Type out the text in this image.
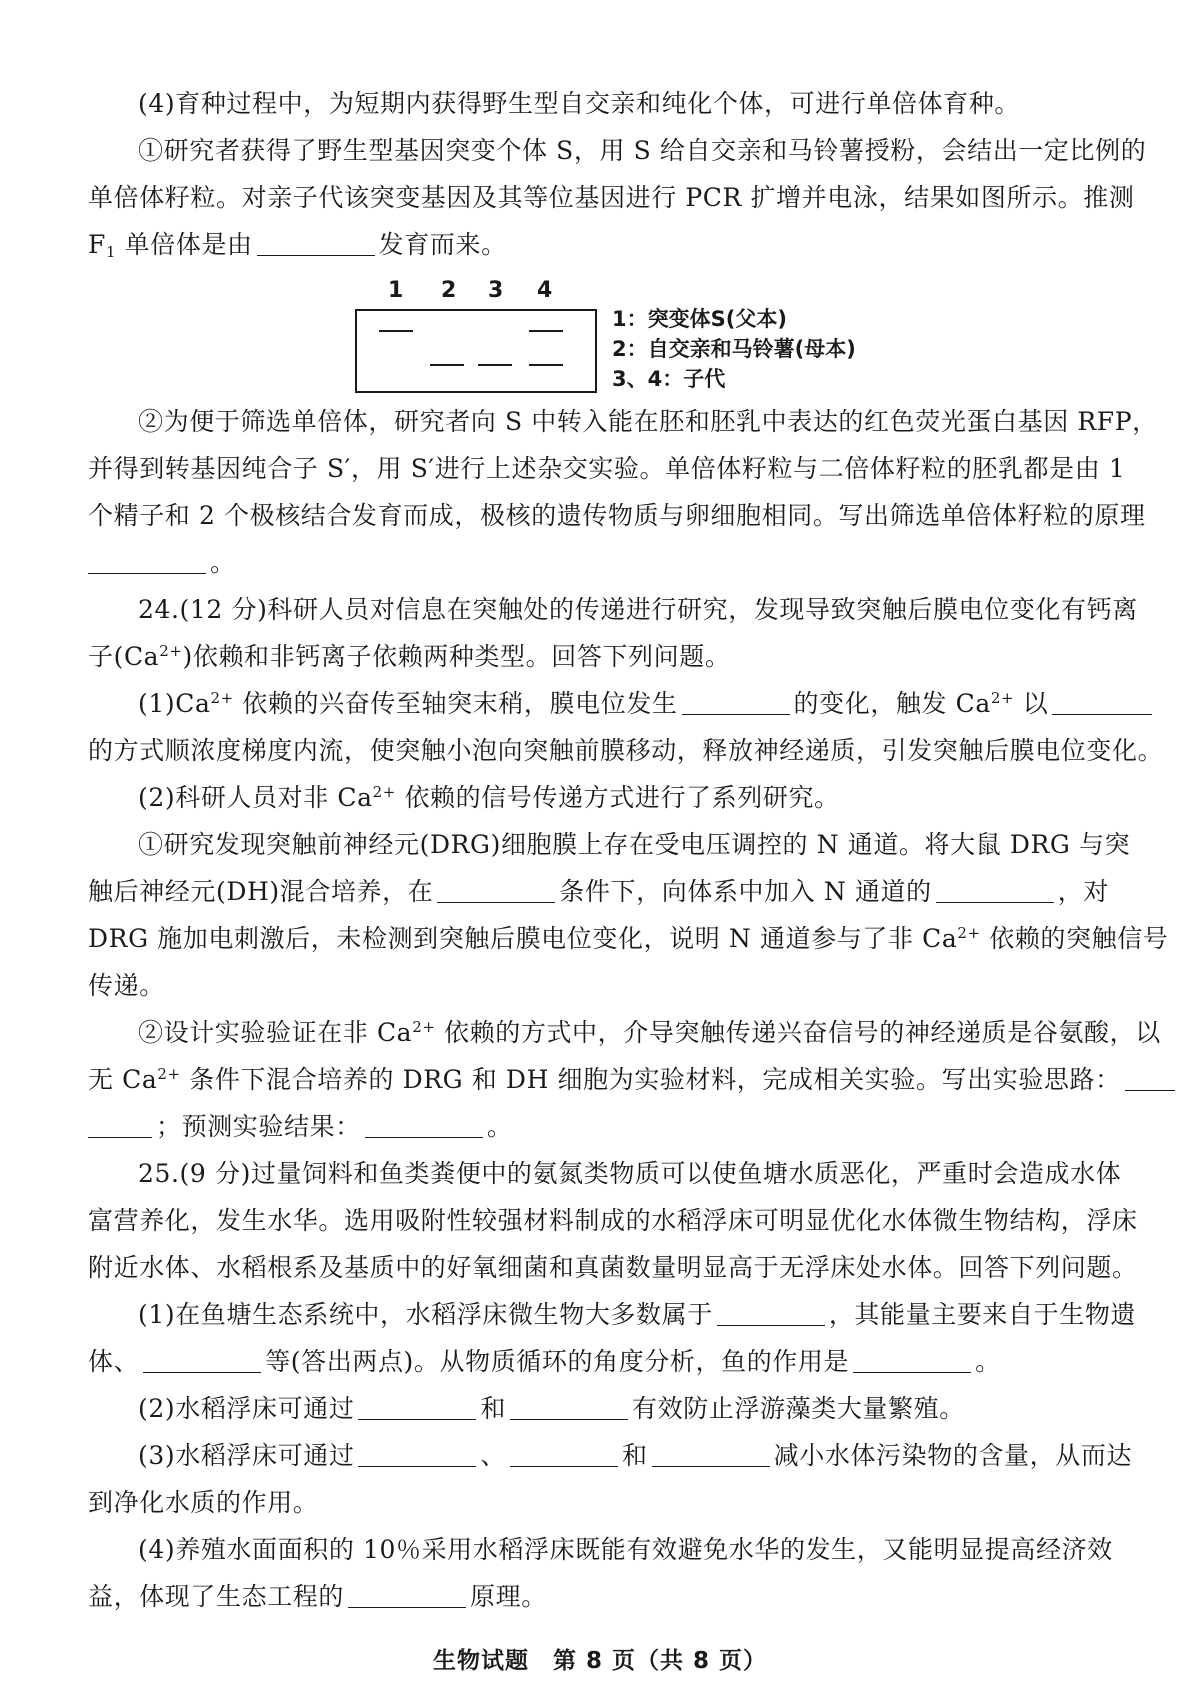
(4)育种过程中，为短期内获得野生型自交亲和纯化个体，可进行单倍体育种。

①研究者获得了野生型基因突变个体 S，用 S 给自交亲和马铃薯授粉，会结出一定比例的

单倍体籽粒。对亲子代该突变基因及其等位基因进行 PCR 扩增并电泳，结果如图所示。推测

$F_1$ 单倍体是由	发育而来。

1 2 3 4
1：突变体S(父本)
2：自交亲和马铃薯(母本)
3、4：子代

②为便于筛选单倍体，研究者向 S 中转入能在胚和胚乳中表达的红色荧光蛋白基因 RFP，

并得到转基因纯合子 S′，用 S′进行上述杂交实验。单倍体籽粒与二倍体籽粒的胚乳都是由 1

个精子和 2 个极核结合发育而成，极核的遗传物质与卵细胞相同。写出筛选单倍体籽粒的原理

。

24.(12 分)科研人员对信息在突触处的传递进行研究，发现导致突触后膜电位变化有钙离

子$(Ca^{2+})$依赖和非钙离子依赖两种类型。回答下列问题。

$(1)Ca^{2+}$ 依赖的兴奋传至轴突末稍，膜电位发生	的变化，触发 $Ca^{2+}$ 以

的方式顺浓度梯度内流，使突触小泡向突触前膜移动，释放神经递质，引发突触后膜电位变化。

(2)科研人员对非 $Ca^{2+}$ 依赖的信号传递方式进行了系列研究。

①研究发现突触前神经元(DRG)细胞膜上存在受电压调控的 N 通道。将大鼠 DRG 与突

触后神经元(DH)混合培养，在	条件下，向体系中加入 N 通道的	，对

DRG 施加电刺激后，未检测到突触后膜电位变化，说明 N 通道参与了非 $Ca^{2+}$ 依赖的突触信号

传递。

②设计实验验证在非 $Ca^{2+}$ 依赖的方式中，介导突触传递兴奋信号的神经递质是谷氨酸，以

无 $Ca^{2+}$ 条件下混合培养的 DRG 和 DH 细胞为实验材料，完成相关实验。写出实验思路：

；预测实验结果：	。

25.(9 分)过量饲料和鱼类粪便中的氨氮类物质可以使鱼塘水质恶化，严重时会造成水体

富营养化，发生水华。选用吸附性较强材料制成的水稻浮床可明显优化水体微生物结构，浮床

附近水体、水稻根系及基质中的好氧细菌和真菌数量明显高于无浮床处水体。回答下列问题。

(1)在鱼塘生态系统中，水稻浮床微生物大多数属于	，其能量主要来自于生物遗

体、	等(答出两点)。从物质循环的角度分析，鱼的作用是	。

(2)水稻浮床可通过	和	有效防止浮游藻类大量繁殖。

(3)水稻浮床可通过	、	和	减小水体污染物的含量，从而达

到净化水质的作用。

(4)养殖水面面积的 10％采用水稻浮床既能有效避免水华的发生，又能明显提高经济效

益，体现了生态工程的	原理。

生物试题　第 8 页（共 8 页）
